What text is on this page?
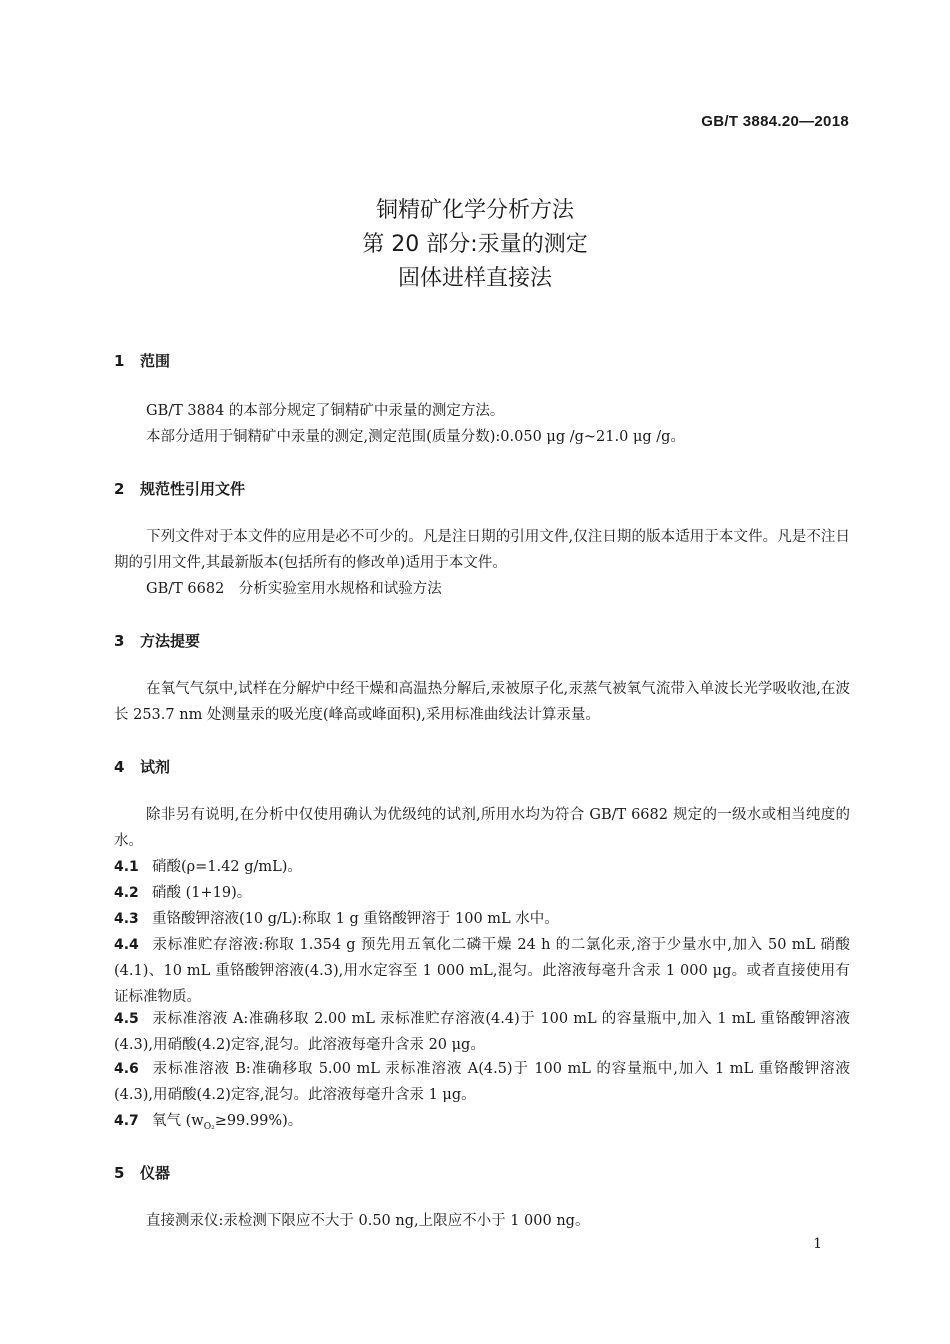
GB/T 3884.20—2018
铜精矿化学分析方法
第 20 部分:汞量的测定
固体进样直接法
1 范围
GB/T 3884 的本部分规定了铜精矿中汞量的测定方法。
本部分适用于铜精矿中汞量的测定,测定范围(质量分数):0.050 μg /g~21.0 μg /g。
2 规范性引用文件
下列文件对于本文件的应用是必不可少的。凡是注日期的引用文件,仅注日期的版本适用于本文件。凡是不注日期的引用文件,其最新版本(包括所有的修改单)适用于本文件。
GB/T 6682　分析实验室用水规格和试验方法
3 方法提要
在氧气气氛中,试样在分解炉中经干燥和高温热分解后,汞被原子化,汞蒸气被氧气流带入单波长光学吸收池,在波长 253.7 nm 处测量汞的吸光度(峰高或峰面积),采用标准曲线法计算汞量。
4 试剂
除非另有说明,在分析中仅使用确认为优级纯的试剂,所用水均为符合 GB/T 6682 规定的一级水或相当纯度的水。
4.1 硝酸(ρ=1.42 g/mL)。
4.2 硝酸 (1+19)。
4.3 重铬酸钾溶液(10 g/L):称取 1 g 重铬酸钾溶于 100 mL 水中。
4.4 汞标准贮存溶液:称取 1.354 g 预先用五氧化二磷干燥 24 h 的二氯化汞,溶于少量水中,加入 50 mL 硝酸(4.1)、10 mL 重铬酸钾溶液(4.3),用水定容至 1 000 mL,混匀。此溶液每毫升含汞 1 000 μg。或者直接使用有证标准物质。
4.5 汞标准溶液 A:准确移取 2.00 mL 汞标准贮存溶液(4.4)于 100 mL 的容量瓶中,加入 1 mL 重铬酸钾溶液(4.3),用硝酸(4.2)定容,混匀。此溶液每毫升含汞 20 μg。
4.6 汞标准溶液 B:准确移取 5.00 mL 汞标准溶液 A(4.5)于 100 mL 的容量瓶中,加入 1 mL 重铬酸钾溶液(4.3),用硝酸(4.2)定容,混匀。此溶液每毫升含汞 1 μg。
4.7 氧气 $(w_{O_2}\ge 99.99\%)$。
5 仪器
直接测汞仪:汞检测下限应不大于 0.50 ng,上限应不小于 1 000 ng。
1
